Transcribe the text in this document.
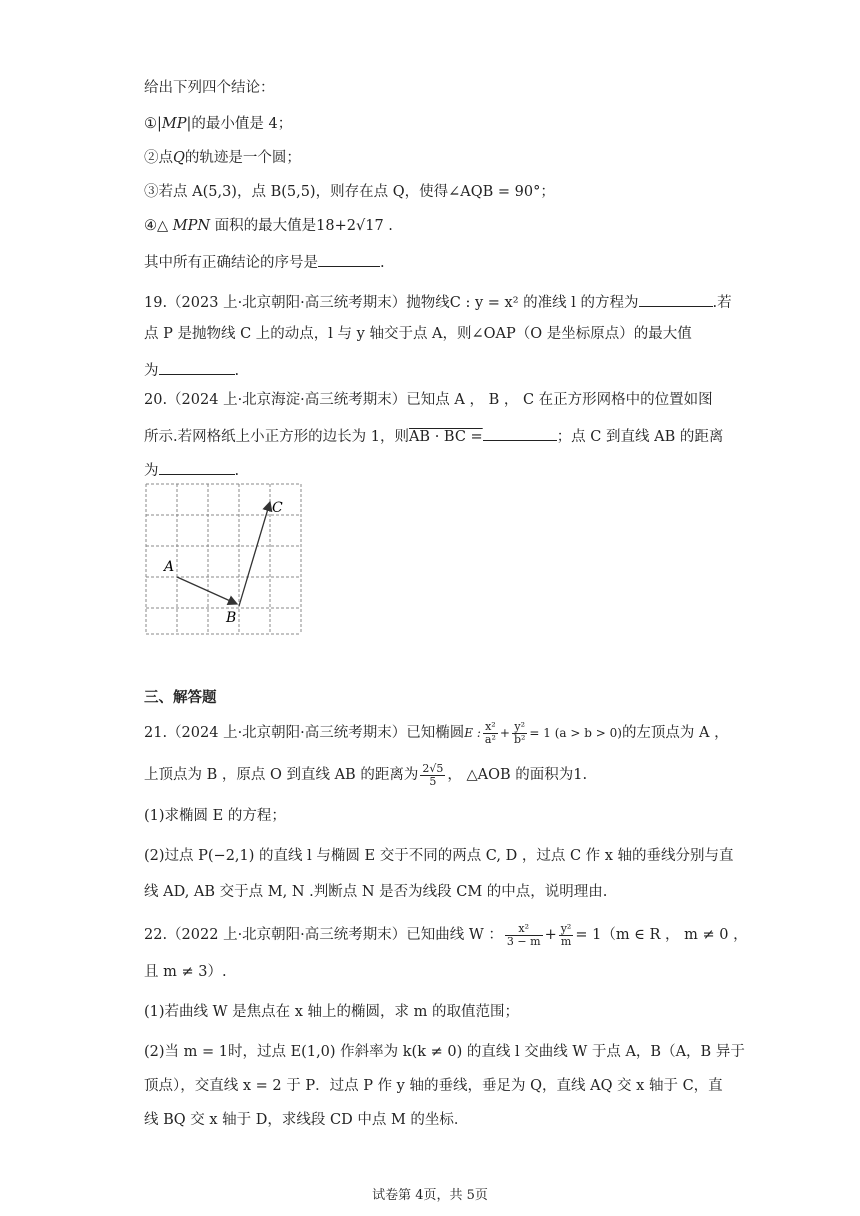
给出下列四个结论：
①|MP|的最小值是 4；
②点Q的轨迹是一个圆；
③若点 A(5,3)，点 B(5,5)，则存在点 Q，使得∠AQB = 90°；
④△ MPN 面积的最大值是18+2√17 .
其中所有正确结论的序号是	.
19.（2023 上·北京朝阳·高三统考期末）抛物线C : y = x² 的准线 l 的方程为	.若
点 P 是抛物线 C 上的动点，l 与 y 轴交于点 A，则∠OAP（O 是坐标原点）的最大值
为	.
20.（2024 上·北京海淀·高三统考期末）已知点 A ， B ， C 在正方形网格中的位置如图
所示.若网格纸上小正方形的边长为 1，则AB · BC =	；点 C 到直线 AB 的距离
为	.
A
B
C
三、解答题
21.（2024 上·北京朝阳·高三统考期末）已知椭圆E : $\frac{\text{x²}}{\text{a²}} + \frac{\text{y²}}{\text{b²}} = 1$ (a > b > 0)的左顶点为 A ，
上顶点为 B ，原点 O 到直线 AB 的距离为 $\frac{2√5}{5}$ ， △AOB 的面积为1.
(1)求椭圆 E 的方程；
(2)过点 P(−2,1) 的直线 l 与椭圆 E 交于不同的两点 C, D ，过点 C 作 x 轴的垂线分别与直
线 AD, AB 交于点 M, N .判断点 N 是否为线段 CM 的中点，说明理由.
22.（2022 上·北京朝阳·高三统考期末）已知曲线 W ： $\frac{\text{x²}}{3 - m} + \frac{\text{y²}}{m} = 1(m$ ∈ R ， m ≠ 0 ，
且 m ≠ 3）.
(1)若曲线 W 是焦点在 x 轴上的椭圆，求 m 的取值范围；
(2)当 m = 1时，过点 E(1,0) 作斜率为 k(k ≠ 0) 的直线 l 交曲线 W 于点 A，B（A，B 异于
顶点），交直线 x = 2 于 P．过点 P 作 y 轴的垂线，垂足为 Q，直线 AQ 交 x 轴于 C，直
线 BQ 交 x 轴于 D，求线段 CD 中点 M 的坐标．
试卷第 4页，共 5页
